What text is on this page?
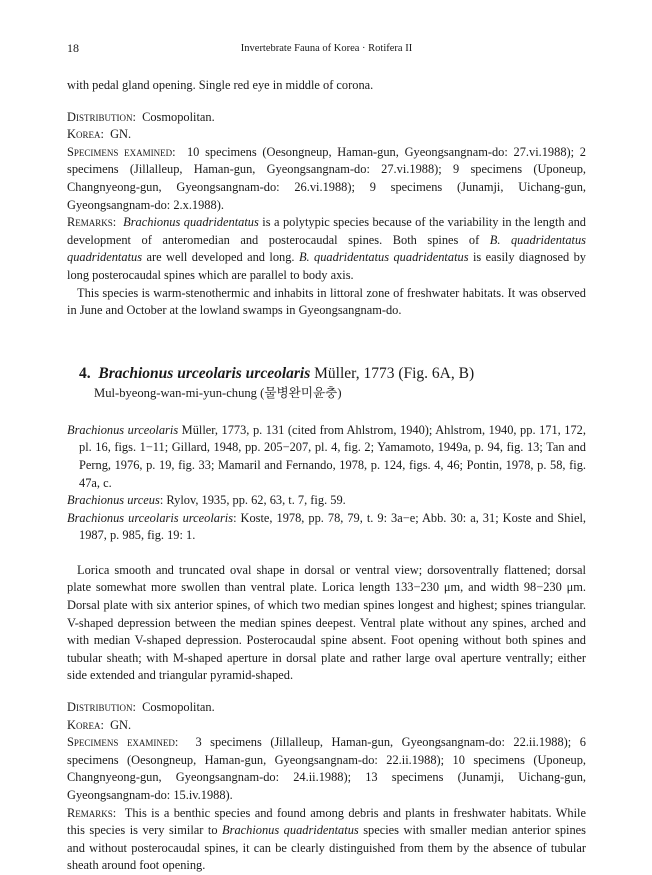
18	Invertebrate Fauna of Korea · Rotifera II

with pedal gland opening. Single red eye in middle of corona.

Distribution: Cosmopolitan.

Korea: GN.

Specimens examined: 10 specimens (Oesongneup, Haman-gun, Gyeongsangnam-do: 27.vi.1988); 2 specimens (Jillalleup, Haman-gun, Gyeongsangnam-do: 27.vi.1988); 9 specimens (Uponeup, Changnyeong-gun, Gyeongsangnam-do: 26.vi.1988); 9 specimens (Junamji, Uichang-gun, Gyeongsangnam-do: 2.x.1988).

Remarks: Brachionus quadridentatus is a polytypic species because of the variability in the length and development of anteromedian and posterocaudal spines. Both spines of B. quadridentatus quadridentatus are well developed and long. B. quadridentatus quadridentatus is easily diagnosed by long posterocaudal spines which are parallel to body axis.

This species is warm-stenothermic and inhabits in littoral zone of freshwater habitats. It was observed in June and October at the lowland swamps in Gyeongsangnam-do.

4. Brachionus urceolaris urceolaris Müller, 1773 (Fig. 6A, B)
Mul-byeong-wan-mi-yun-chung (물병완미윤충)
Brachionus urceolaris Müller, 1773, p. 131 (cited from Ahlstrom, 1940); Ahlstrom, 1940, pp. 171, 172, pl. 16, figs. 1−11; Gillard, 1948, pp. 205−207, pl. 4, fig. 2; Yamamoto, 1949a, p. 94, fig. 13; Tan and Perng, 1976, p. 19, fig. 33; Mamaril and Fernando, 1978, p. 124, figs. 4, 46; Pontin, 1978, p. 58, fig. 47a, c.
Brachionus urceus: Rylov, 1935, pp. 62, 63, t. 7, fig. 59.
Brachionus urceolaris urceolaris: Koste, 1978, pp. 78, 79, t. 9: 3a−e; Abb. 30: a, 31; Koste and Shiel, 1987, p. 985, fig. 19: 1.

Lorica smooth and truncated oval shape in dorsal or ventral view; dorsoventrally flattened; dorsal plate somewhat more swollen than ventral plate. Lorica length 133−230 μm, and width 98−230 μm. Dorsal plate with six anterior spines, of which two median spines longest and highest; spines triangular. V-shaped depression between the median spines deepest. Ventral plate without any spines, arched and with median V-shaped depression. Posterocaudal spine absent. Foot opening without both spines and tubular sheath; with M-shaped aperture in dorsal plate and rather large oval aperture ventrally; either side extended and triangular pyramid-shaped.

Distribution: Cosmopolitan.

Korea: GN.

Specimens examined: 3 specimens (Jillalleup, Haman-gun, Gyeongsangnam-do: 22.ii.1988); 6 specimens (Oesongneup, Haman-gun, Gyeongsangnam-do: 22.ii.1988); 10 specimens (Uponeup, Changnyeong-gun, Gyeongsangnam-do: 24.ii.1988); 13 specimens (Junamji, Uichang-gun, Gyeongsangnam-do: 15.iv.1988).

Remarks: This is a benthic species and found among debris and plants in freshwater habitats. While this species is very similar to Brachionus quadridentatus species with smaller median anterior spines and without posterocaudal spines, it can be clearly distinguished from them by the absence of tubular sheath around foot opening.
